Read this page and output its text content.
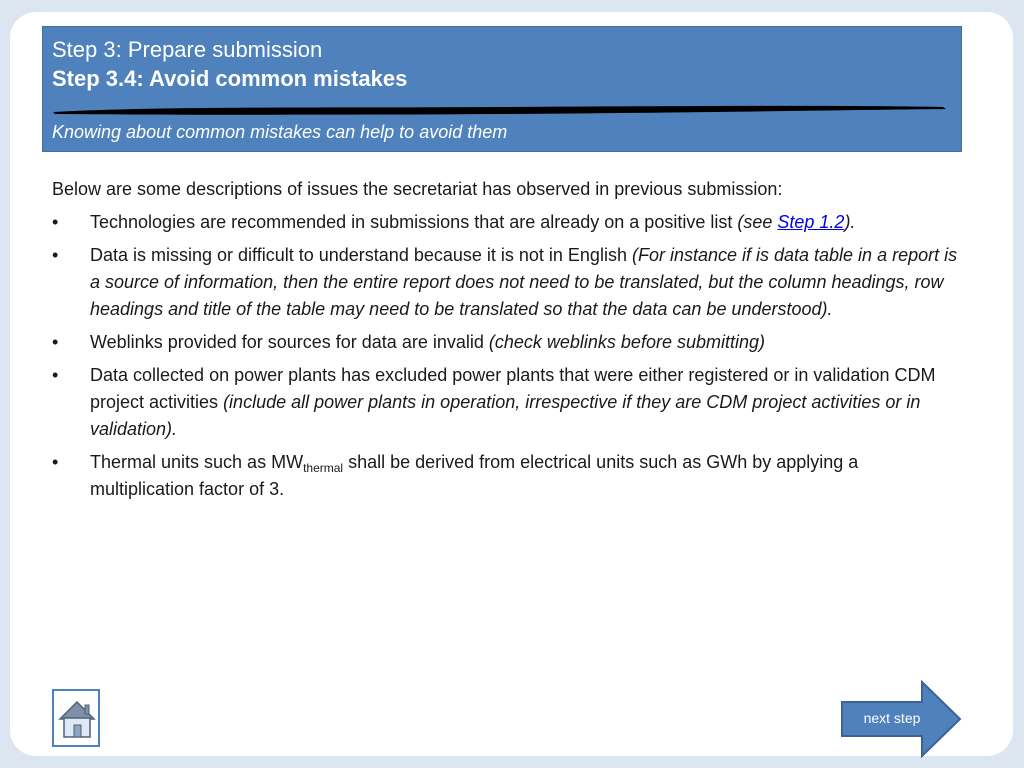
Step 3: Prepare submission
Step 3.4: Avoid common mistakes
Knowing about common mistakes can help to avoid them

Below are some descriptions of issues the secretariat has observed in previous submission:

• Technologies are recommended in submissions that are already on a positive list (see Step 1.2).
• Data is missing or difficult to understand because it is not in English (For instance if is data table in a report is a source of information, then the entire report does not need to be translated, but the column headings, row headings and title of the table may need to be translated so that the data can be understood).
• Weblinks provided for sources for data are invalid (check weblinks before submitting)
• Data collected on power plants has excluded power plants that were either registered or in validation CDM project activities (include all power plants in operation, irrespective if they are CDM project activities or in validation).
• Thermal units such as $MW_{thermal}$ shall be derived from electrical units such as GWh by applying a multiplication factor of 3.
next step
